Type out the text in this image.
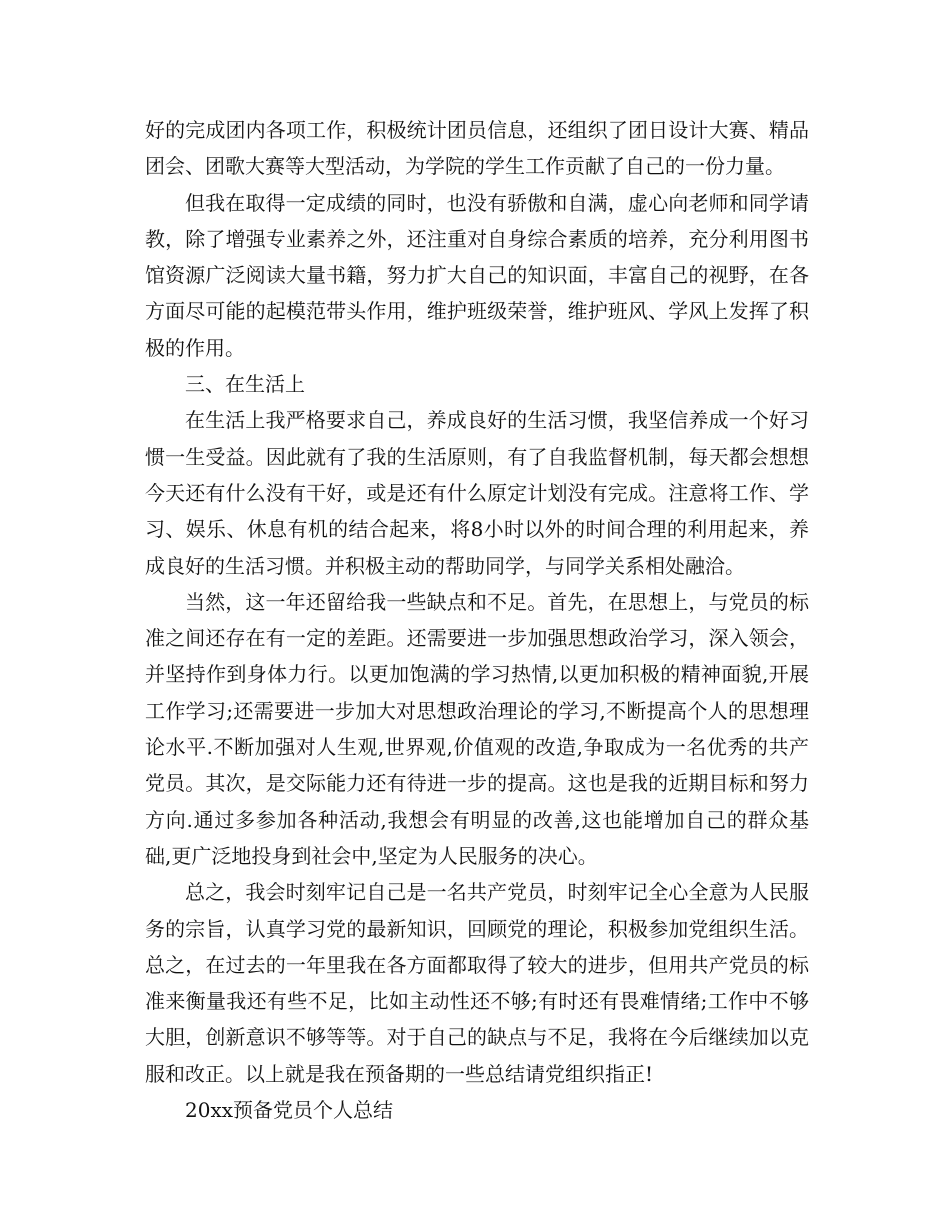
好的完成团内各项工作，积极统计团员信息，还组织了团日设计大赛、精品团会、团歌大赛等大型活动，为学院的学生工作贡献了自己的一份力量。

但我在取得一定成绩的同时，也没有骄傲和自满，虚心向老师和同学请教，除了增强专业素养之外，还注重对自身综合素质的培养，充分利用图书馆资源广泛阅读大量书籍，努力扩大自己的知识面，丰富自己的视野，在各方面尽可能的起模范带头作用，维护班级荣誉，维护班风、学风上发挥了积极的作用。

三、在生活上

在生活上我严格要求自己，养成良好的生活习惯，我坚信养成一个好习惯一生受益。因此就有了我的生活原则，有了自我监督机制，每天都会想想今天还有什么没有干好，或是还有什么原定计划没有完成。注意将工作、学习、娱乐、休息有机的结合起来，将8小时以外的时间合理的利用起来，养成良好的生活习惯。并积极主动的帮助同学，与同学关系相处融洽。

当然，这一年还留给我一些缺点和不足。首先，在思想上，与党员的标准之间还存在有一定的差距。还需要进一步加强思想政治学习，深入领会，并坚持作到身体力行。以更加饱满的学习热情,以更加积极的精神面貌,开展工作学习;还需要进一步加大对思想政治理论的学习,不断提高个人的思想理论水平.不断加强对人生观,世界观,价值观的改造,争取成为一名优秀的共产党员。其次，是交际能力还有待进一步的提高。这也是我的近期目标和努力方向.通过多参加各种活动,我想会有明显的改善,这也能增加自己的群众基础,更广泛地投身到社会中,坚定为人民服务的决心。

总之，我会时刻牢记自己是一名共产党员，时刻牢记全心全意为人民服务的宗旨，认真学习党的最新知识，回顾党的理论，积极参加党组织生活。总之，在过去的一年里我在各方面都取得了较大的进步，但用共产党员的标准来衡量我还有些不足，比如主动性还不够;有时还有畏难情绪;工作中不够大胆，创新意识不够等等。对于自己的缺点与不足，我将在今后继续加以克服和改正。以上就是我在预备期的一些总结请党组织指正!

20xx预备党员个人总结
